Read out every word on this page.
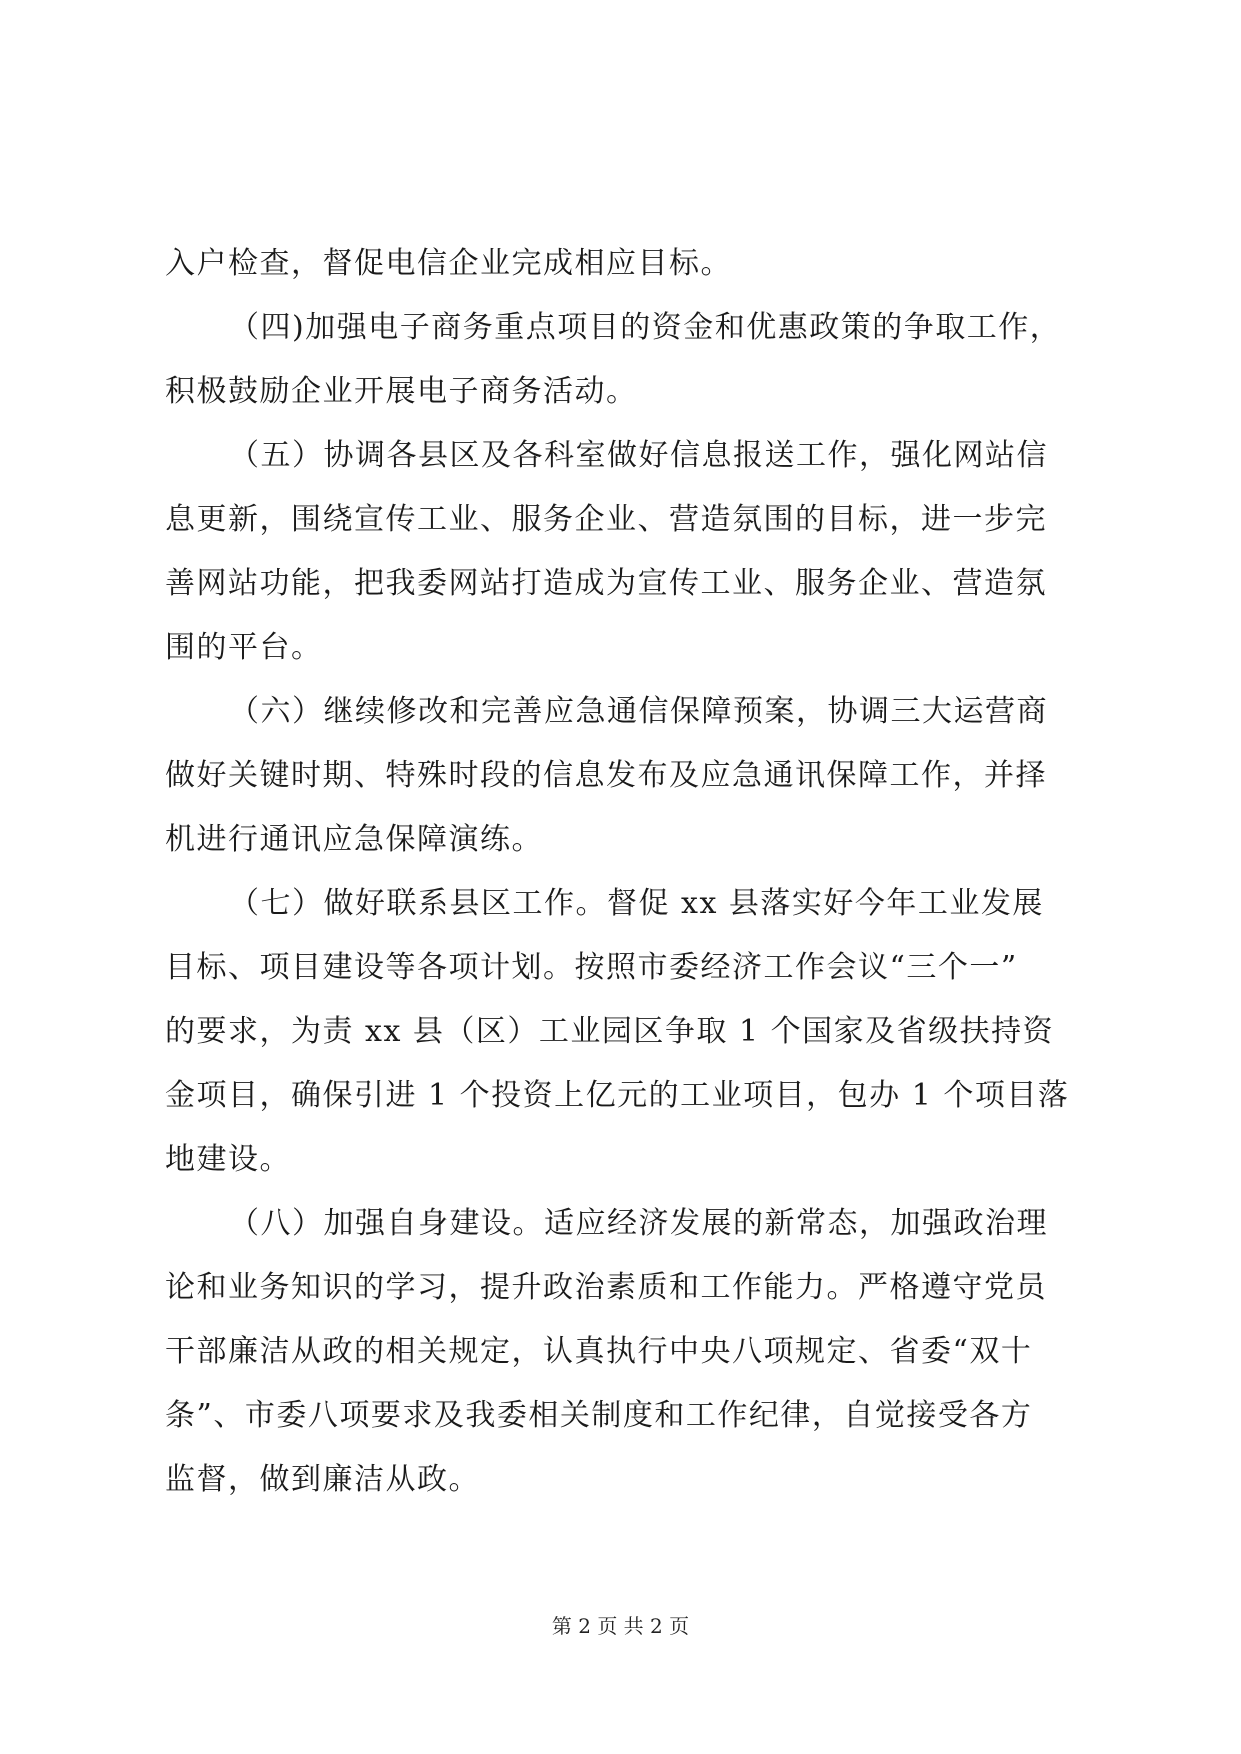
入户检查，督促电信企业完成相应目标。
（四)加强电子商务重点项目的资金和优惠政策的争取工作，
积极鼓励企业开展电子商务活动。
（五）协调各县区及各科室做好信息报送工作，强化网站信
息更新，围绕宣传工业、服务企业、营造氛围的目标，进一步完
善网站功能，把我委网站打造成为宣传工业、服务企业、营造氛
围的平台。
（六）继续修改和完善应急通信保障预案，协调三大运营商
做好关键时期、特殊时段的信息发布及应急通讯保障工作，并择
机进行通讯应急保障演练。
（七）做好联系县区工作。督促 xx 县落实好今年工业发展
目标、项目建设等各项计划。按照市委经济工作会议“三个一”
的要求，为责 xx 县（区）工业园区争取 1 个国家及省级扶持资
金项目，确保引进 1 个投资上亿元的工业项目，包办 1 个项目落
地建设。
（八）加强自身建设。适应经济发展的新常态，加强政治理
论和业务知识的学习，提升政治素质和工作能力。严格遵守党员
干部廉洁从政的相关规定，认真执行中央八项规定、省委“双十
条”、市委八项要求及我委相关制度和工作纪律，自觉接受各方
监督，做到廉洁从政。
第 2 页 共 2 页
